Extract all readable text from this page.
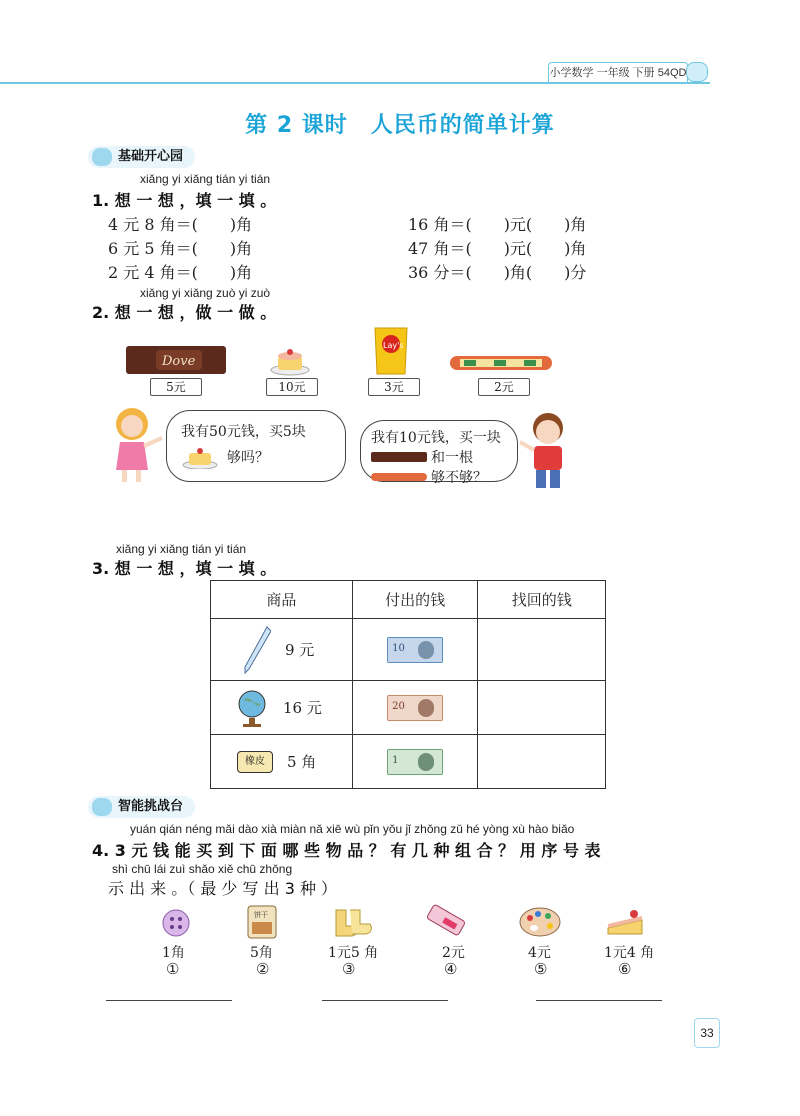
小学数学 一年级 下册 54QD
第 2 课时　人民币的简单计算
基础开心园
xiǎng yi xiǎng tián yi tián
1. 想 一 想 ，填 一 填 。
4 元 8 角＝(　　)角
6 元 5 角＝(　　)角
2 元 4 角＝(　　)角
16 角＝(　　)元(　　)角
47 角＝(　　)元(　　)角
36 分＝(　　)角(　　)分
xiǎng yi xiǎng zuò yi zuò
2. 想 一 想 ，做 一 做 。
Dove
5元	10元
Lay's
3元	2元
我有50元钱，买5块
够吗？
我有10元钱，买一块
和一根
够不够？
xiǎng yi xiǎng tián yi tián
3. 想 一 想 ，填 一 填 。
商品	付出的钱	找回的钱

9 元	10	

16 元	20	

橡皮 5 角	1	

智能挑战台
yuán qián néng mǎi dào xià miàn nǎ xiē wù pǐn yǒu jǐ zhǒng zǔ hé yòng xù hào biǎo
4. 3 元 钱 能 买 到 下 面 哪 些 物 品 ？ 有 几 种 组 合 ？ 用 序 号 表
shì chū lái zuì shǎo xiě chū zhǒng
示 出 来 。（ 最 少 写 出 3 种 ）
1角
①
饼干
5角
②
1元5 角
③
2元
④
4元
⑤
1元4 角
⑥
33
